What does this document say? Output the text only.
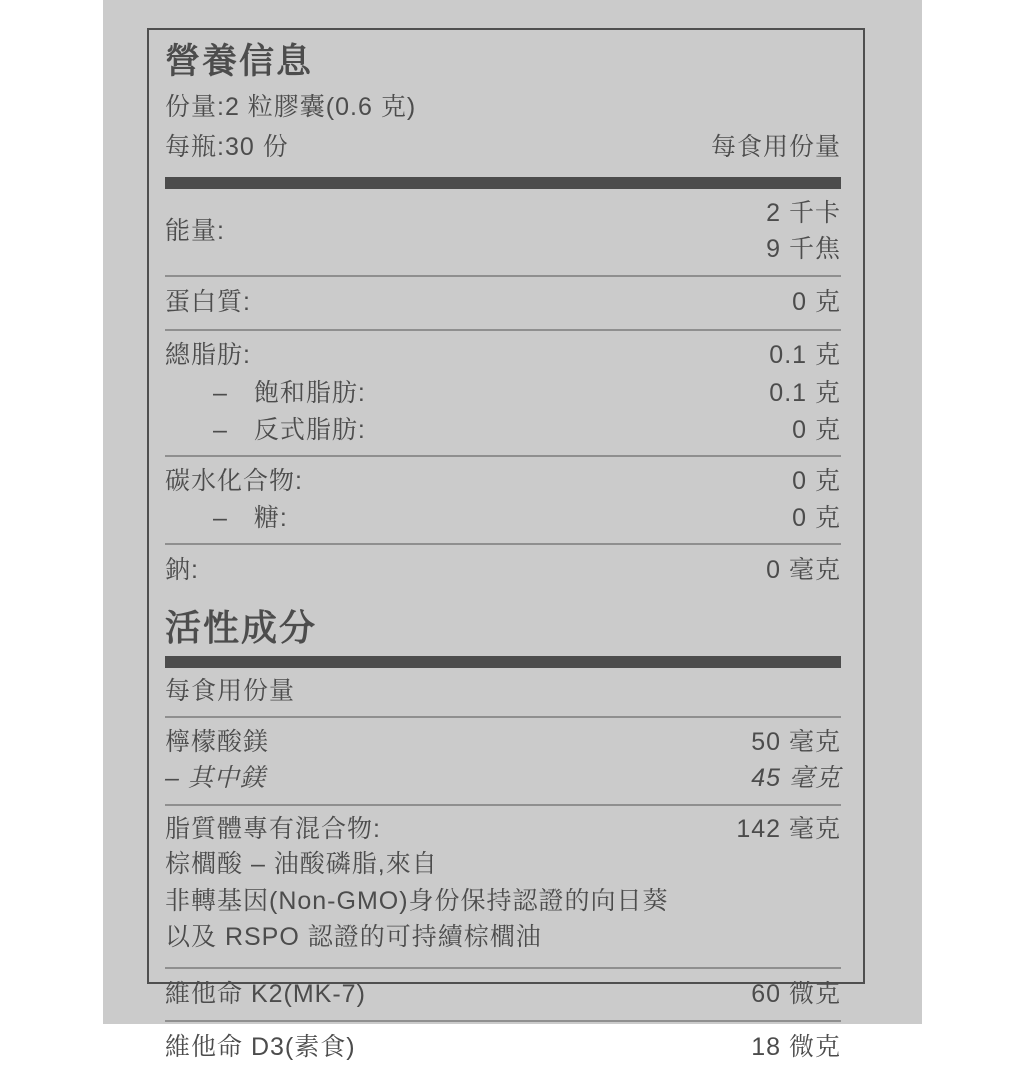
營養信息
份量:2 粒膠囊(0.6 克)
每瓶:30 份	每食用份量
能量:
2 千卡
9 千焦
蛋白質:	0 克
總脂肪:	0.1 克
–　飽和脂肪:	0.1 克
–　反式脂肪:	0 克
碳水化合物:	0 克
–　糖:	0 克
鈉:	0 毫克
活性成分
每食用份量
檸檬酸鎂	50 毫克
– 其中鎂	45 毫克
脂質體專有混合物:	142 毫克
棕櫚酸 – 油酸磷脂,來自
非轉基因(Non-GMO)身份保持認證的向日葵
以及 RSPO 認證的可持續棕櫚油
維他命 K2(MK-7)	60 微克
維他命 D3(素食)	18 微克
